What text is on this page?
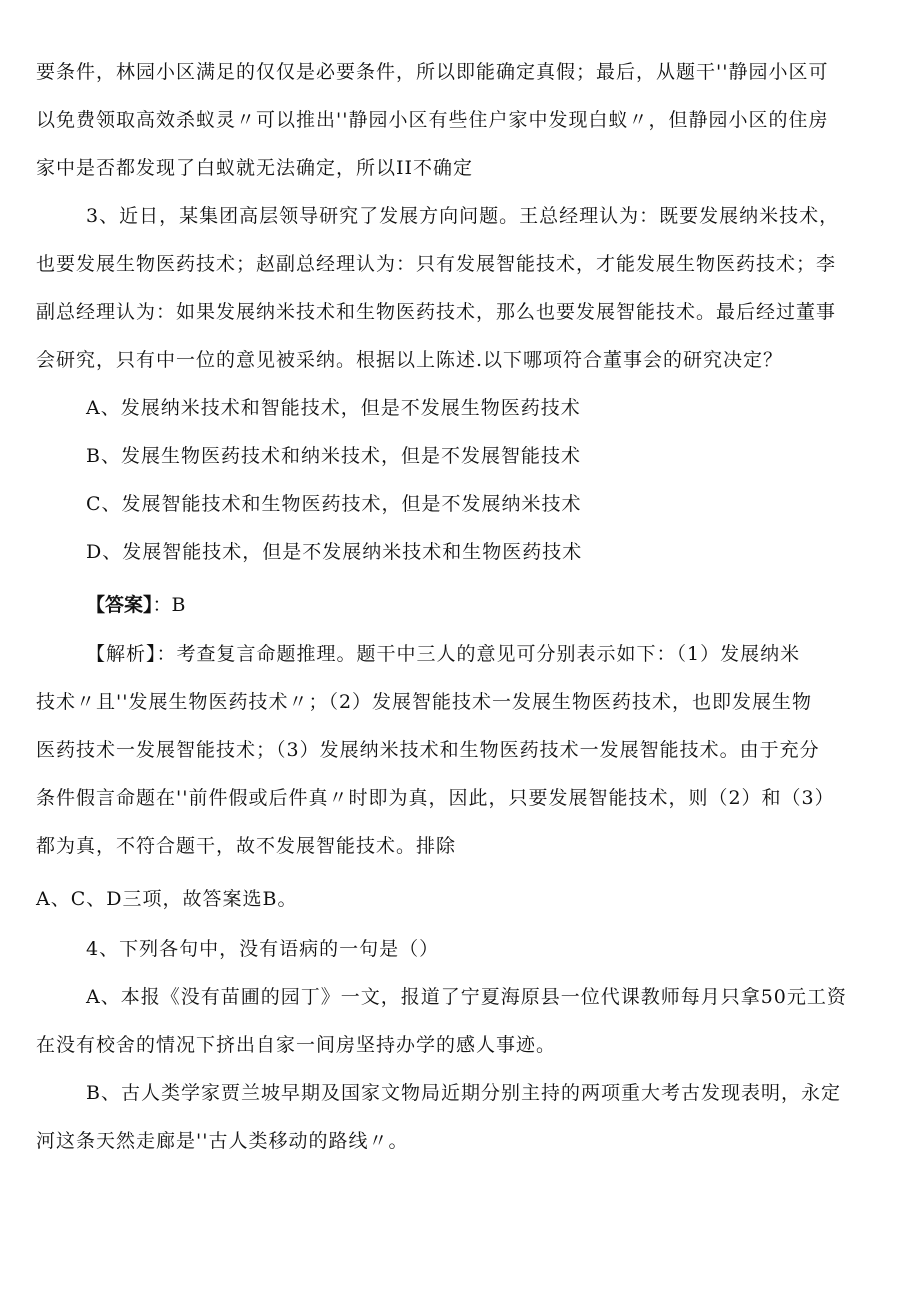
要条件，林园小区满足的仅仅是必要条件，所以即能确定真假；最后，从题干''静园小区可
以免费领取高效杀蚁灵〃可以推出''静园小区有些住户家中发现白蚁〃，但静园小区的住房
家中是否都发现了白蚁就无法确定，所以II不确定
3、近日，某集团高层领导研究了发展方向问题。王总经理认为：既要发展纳米技术，
也要发展生物医药技术；赵副总经理认为：只有发展智能技术，才能发展生物医药技术；李
副总经理认为：如果发展纳米技术和生物医药技术，那么也要发展智能技术。最后经过董事
会研究，只有中一位的意见被采纳。根据以上陈述.以下哪项符合董事会的研究决定？
A、发展纳米技术和智能技术，但是不发展生物医药技术
B、发展生物医药技术和纳米技术，但是不发展智能技术
C、发展智能技术和生物医药技术，但是不发展纳米技术
D、发展智能技术，但是不发展纳米技术和生物医药技术
【答案】：B
【解析】：考查复言命题推理。题干中三人的意见可分别表示如下：（1）发展纳米
技术〃且''发展生物医药技术〃；（2）发展智能技术一发展生物医药技术，也即发展生物
医药技术一发展智能技术；（3）发展纳米技术和生物医药技术一发展智能技术。由于充分
条件假言命题在''前件假或后件真〃时即为真，因此，只要发展智能技术，则（2）和（3）
都为真，不符合题干，故不发展智能技术。排除
A、C、D三项，故答案选B。
4、下列各句中，没有语病的一句是（）
A、本报《没有苗圃的园丁》一文，报道了宁夏海原县一位代课教师每月只拿50元工资
在没有校舍的情况下挤出自家一间房坚持办学的感人事迹。
B、古人类学家贾兰坡早期及国家文物局近期分别主持的两项重大考古发现表明，永定
河这条天然走廊是''古人类移动的路线〃。
